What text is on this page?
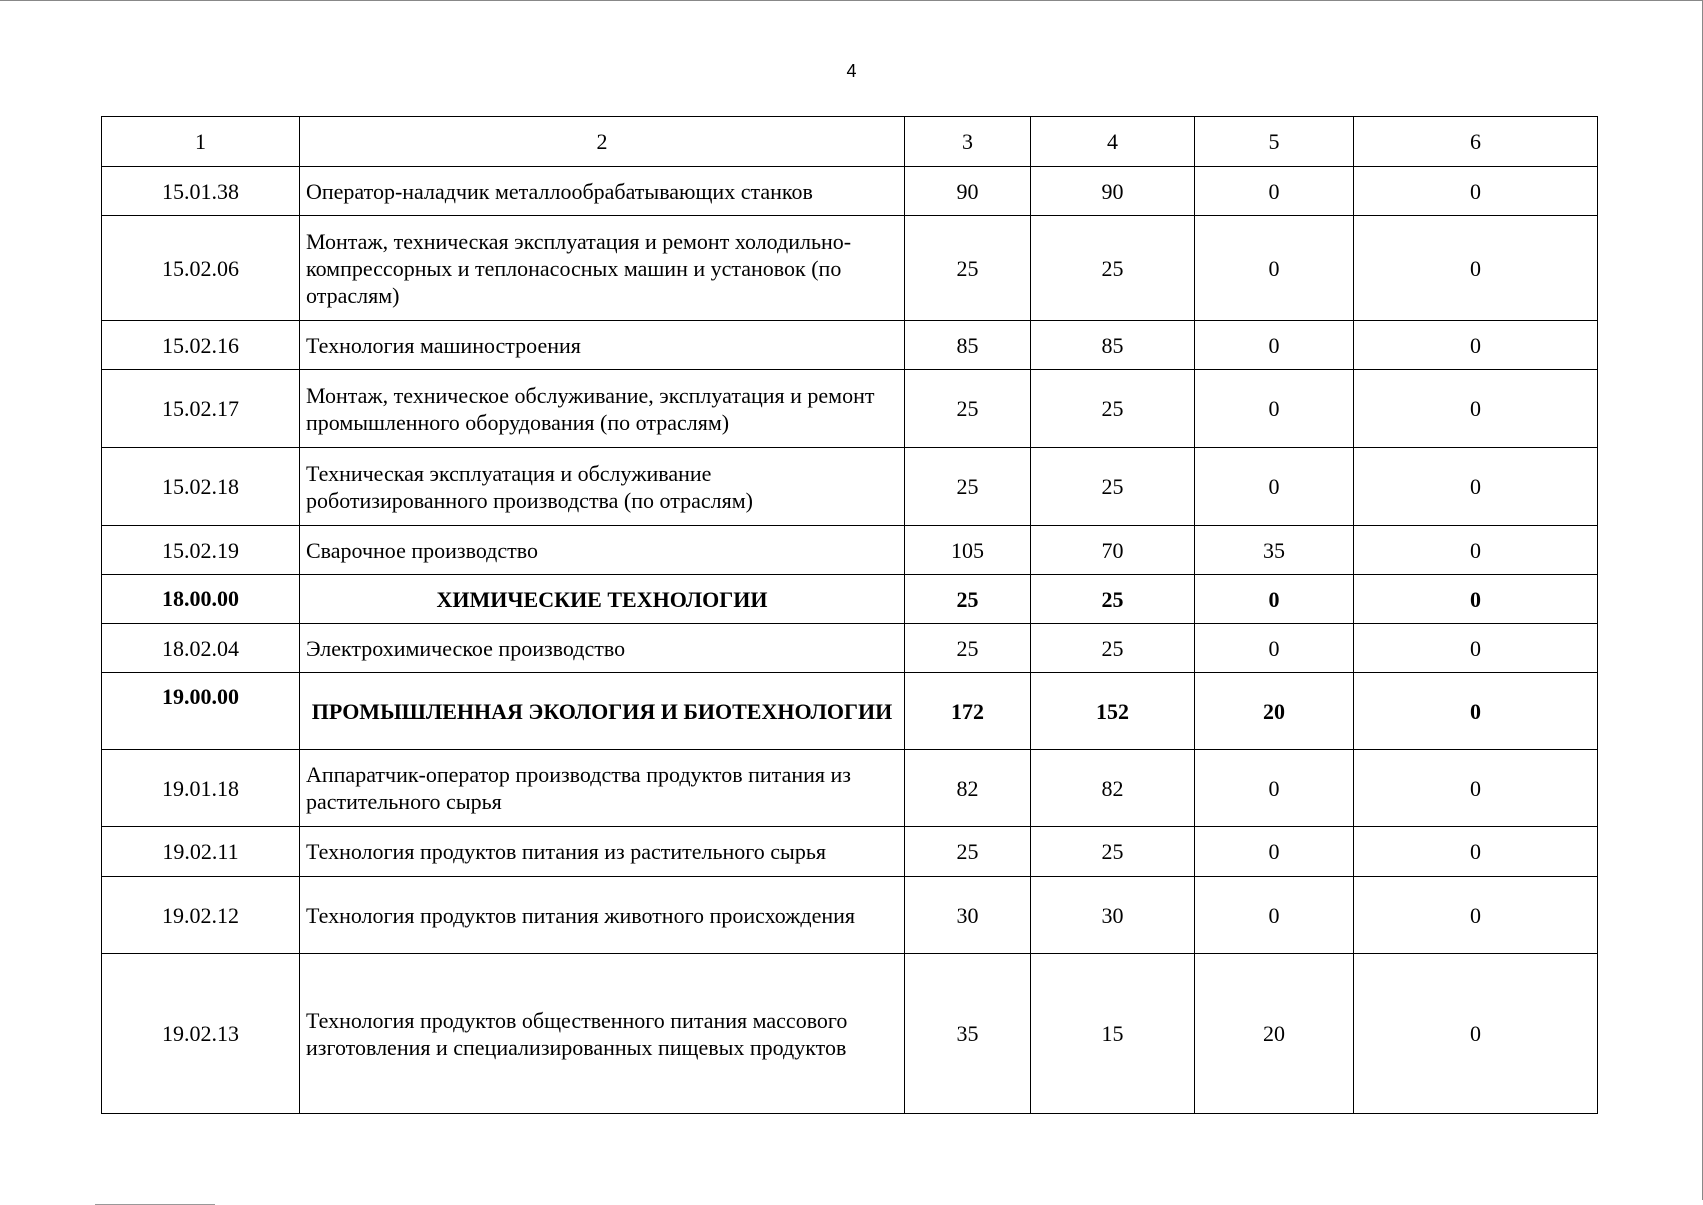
4
1	2	3	4	5	6
15.01.38	Оператор-наладчик металлообрабатывающих станков	90	90	0	0
15.02.06	Монтаж, техническая эксплуатация и ремонт холодильно-компрессорных и теплонасосных машин и установок (по отраслям)	25	25	0	0
15.02.16	Технология машиностроения	85	85	0	0
15.02.17	Монтаж, техническое обслуживание, эксплуатация и ремонт промышленного оборудования (по отраслям)	25	25	0	0
15.02.18	Техническая эксплуатация и обслуживание роботизированного производства (по отраслям)	25	25	0	0
15.02.19	Сварочное производство	105	70	35	0
18.00.00	ХИМИЧЕСКИЕ ТЕХНОЛОГИИ	25	25	0	0
18.02.04	Электрохимическое производство	25	25	0	0
19.00.00	ПРОМЫШЛЕННАЯ ЭКОЛОГИЯ И БИОТЕХНОЛОГИИ	172	152	20	0
19.01.18	Аппаратчик-оператор производства продуктов питания из растительного сырья	82	82	0	0
19.02.11	Технология продуктов питания из растительного сырья	25	25	0	0
19.02.12	Технология продуктов питания животного происхождения	30	30	0	0
19.02.13	Технология продуктов общественного питания массового изготовления и специализированных пищевых продуктов	35	15	20	0
